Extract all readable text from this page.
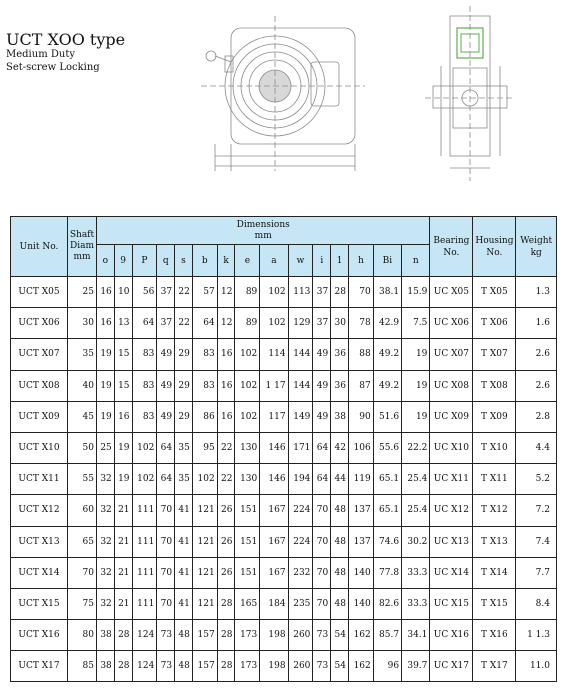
UCT XOO type
Medium Duty
Set-screw Locking
Unit No.	Shaft
Diam
mm	Dimensions
mm															Bearing
No.	Housing
No.	Weight
kg
		o	9	P	q	s	b	k	e	a	w	i	1	h	Bi	n			
UCT X05	25	16	10	56	37	22	57	12	89	102	113	37	28	70	38.1	15.9	UC X05	T X05	1.3
UCT X06	30	16	13	64	37	22	64	12	89	102	129	37	30	78	42.9	7.5	UC X06	T X06	1.6
UCT X07	35	19	15	83	49	29	83	16	102	114	144	49	36	88	49.2	19	UC X07	T X07	2.6
UCT X08	40	19	15	83	49	29	83	16	102	1 17	144	49	36	87	49.2	19	UC X08	T X08	2.6
UCT X09	45	19	16	83	49	29	86	16	102	117	149	49	38	90	51.6	19	UC X09	T X09	2.8
UCT X10	50	25	19	102	64	35	95	22	130	146	171	64	42	106	55.6	22.2	UC X10	T X10	4.4
UCT X11	55	32	19	102	64	35	102	22	130	146	194	64	44	119	65.1	25.4	UC X11	T X11	5.2
UCT X12	60	32	21	111	70	41	121	26	151	167	224	70	48	137	65.1	25.4	UC X12	T X12	7.2
UCT X13	65	32	21	111	70	41	121	26	151	167	224	70	48	137	74.6	30.2	UC X13	T X13	7.4
UCT X14	70	32	21	111	70	41	121	26	151	167	232	70	48	140	77.8	33.3	UC X14	T X14	7.7
UCT X15	75	32	21	111	70	41	121	28	165	184	235	70	48	140	82.6	33.3	UC X15	T X15	8.4
UCT X16	80	38	28	124	73	48	157	28	173	198	260	73	54	162	85.7	34.1	UC X16	T X16	1 1.3
UCT X17	85	38	28	124	73	48	157	28	173	198	260	73	54	162	96	39.7	UC X17	T X17	11.0
